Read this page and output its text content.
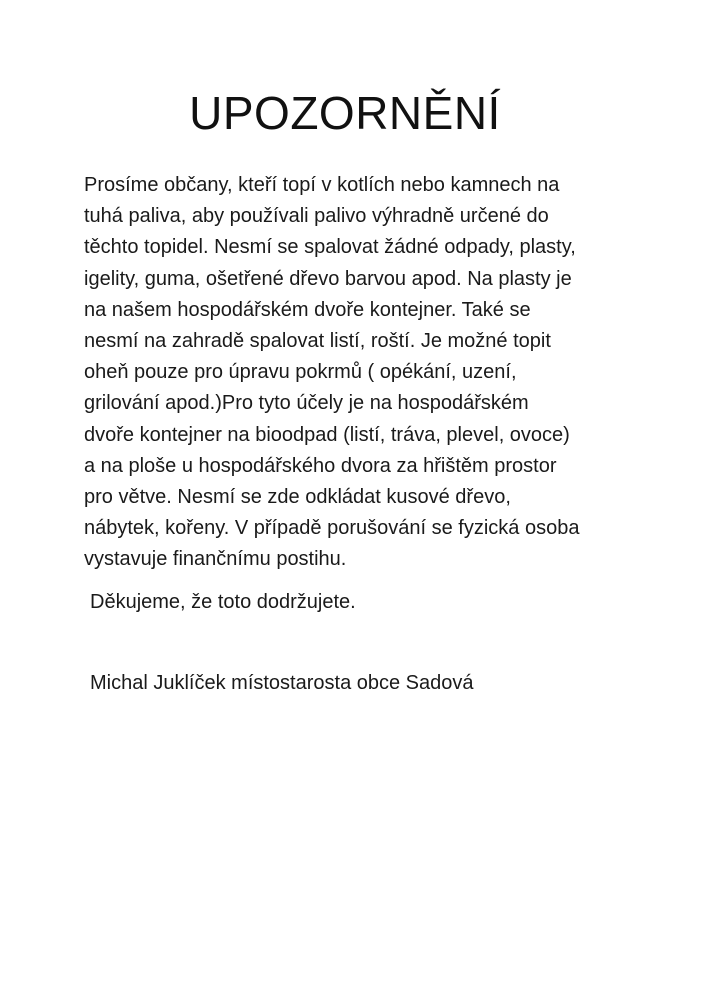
UPOZORNĚNÍ

Prosíme občany, kteří topí v kotlích nebo kamnech na
tuhá paliva, aby používali palivo výhradně určené do
těchto topidel. Nesmí se spalovat žádné odpady, plasty,
igelity, guma, ošetřené dřevo barvou apod. Na plasty je
na našem hospodářském dvoře kontejner. Také se
nesmí na zahradě spalovat listí, roští. Je možné topit
oheň pouze pro úpravu pokrmů ( opékání, uzení,
grilování apod.)Pro tyto účely je na hospodářském
dvoře kontejner na bioodpad (listí, tráva, plevel, ovoce)
a na ploše u hospodářského dvora za hřištěm prostor
pro větve. Nesmí se zde odkládat kusové dřevo,
nábytek, kořeny. V případě porušování se fyzická osoba
vystavuje finančnímu postihu.

Děkujeme, že toto dodržujete.

Michal Juklíček místostarosta obce Sadová
